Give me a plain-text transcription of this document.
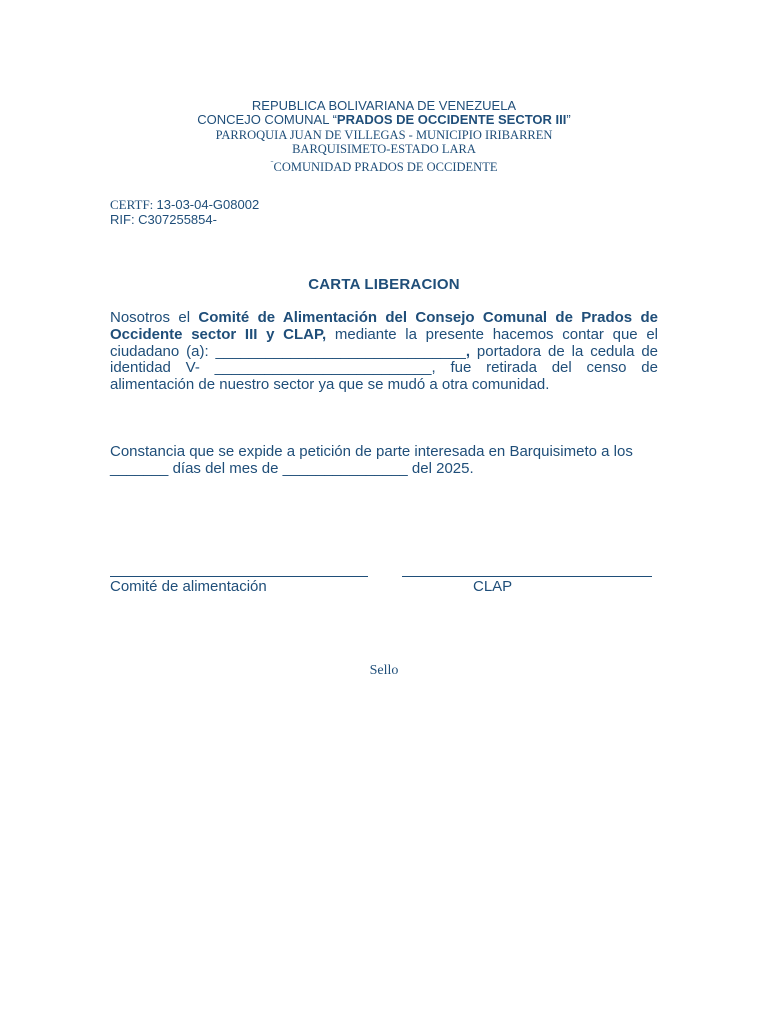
REPUBLICA BOLIVARIANA DE VENEZUELA
CONCEJO COMUNAL “PRADOS DE OCCIDENTE SECTOR III”
PARROQUIA JUAN DE VILLEGAS - MUNICIPIO IRIBARREN
BARQUISIMETO-ESTADO LARA
¨COMUNIDAD PRADOS DE OCCIDENTE
CERTF: 13-03-04-G08002
RIF: C307255854-
CARTA LIBERACION
Nosotros el Comité de Alimentación del Consejo Comunal de Prados de Occidente sector III y CLAP, mediante la presente hacemos contar que el ciudadano (a): ______________________________, portadora de la cedula de identidad V- __________________________, fue retirada del censo de alimentación de nuestro sector ya que se mudó a otra comunidad.
Constancia que se expide a petición de parte interesada en Barquisimeto a los _______ días del mes de _______________ del 2025.
Comité de alimentación	CLAP
Sello
